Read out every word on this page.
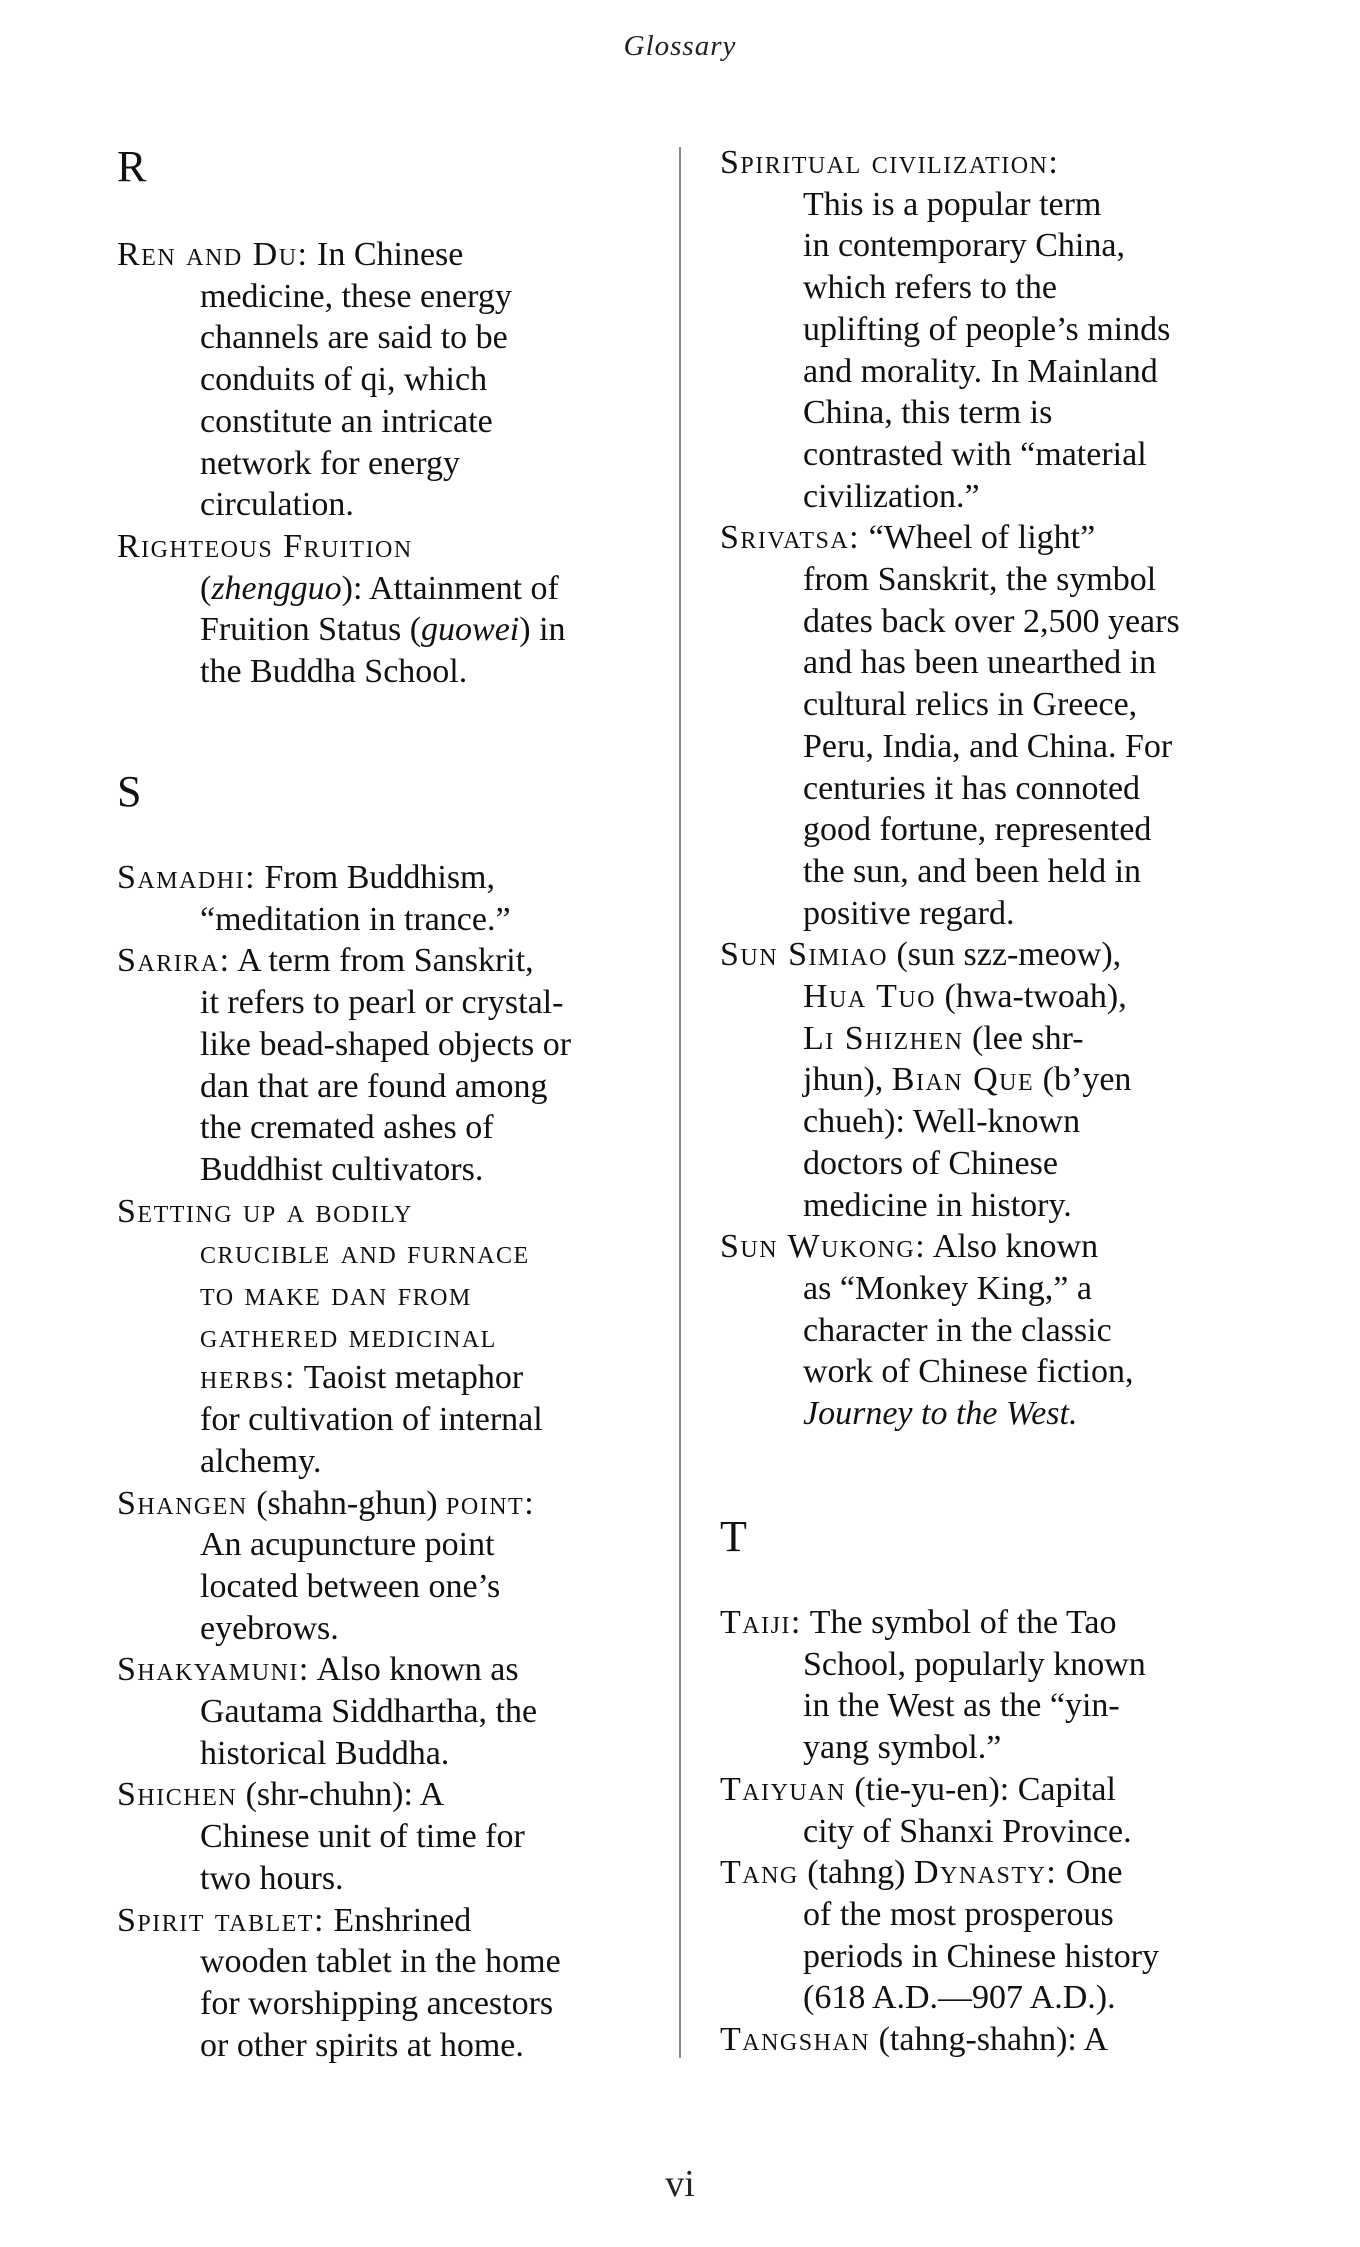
Glossary
R
Ren and Du: In Chinese
medicine, these energy
channels are said to be
conduits of qi, which
constitute an intricate
network for energy
circulation.
Righteous Fruition
(zhengguo): Attainment of
Fruition Status (guowei) in
the Buddha School.
S
Samadhi: From Buddhism,
“meditation in trance.”
Sarira: A term from Sanskrit,
it refers to pearl or crystal-
like bead-shaped objects or
dan that are found among
the cremated ashes of
Buddhist cultivators.
Setting up a bodily
crucible and furnace
to make dan from
gathered medicinal
herbs: Taoist metaphor
for cultivation of internal
alchemy.
Shangen (shahn-ghun) point:
An acupuncture point
located between one’s
eyebrows.
Shakyamuni: Also known as
Gautama Siddhartha, the
historical Buddha.
Shichen (shr-chuhn): A
Chinese unit of time for
two hours.
Spirit tablet: Enshrined
wooden tablet in the home
for worshipping ancestors
or other spirits at home.
Spiritual civilization:
This is a popular term
in contemporary China,
which refers to the
uplifting of people’s minds
and morality. In Mainland
China, this term is
contrasted with “material
civilization.”
Srivatsa: “Wheel of light”
from Sanskrit, the symbol
dates back over 2,500 years
and has been unearthed in
cultural relics in Greece,
Peru, India, and China. For
centuries it has connoted
good fortune, represented
the sun, and been held in
positive regard.
Sun Simiao (sun szz-meow),
Hua Tuo (hwa-twoah),
Li Shizhen (lee shr-
jhun), Bian Que (b’yen
chueh): Well-known
doctors of Chinese
medicine in history.
Sun Wukong: Also known
as “Monkey King,” a
character in the classic
work of Chinese fiction,
Journey to the West.
T
Taiji: The symbol of the Tao
School, popularly known
in the West as the “yin-
yang symbol.”
Taiyuan (tie-yu-en): Capital
city of Shanxi Province.
Tang (tahng) Dynasty: One
of the most prosperous
periods in Chinese history
(618 A.D.—907 A.D.).
Tangshan (tahng-shahn): A
vi
